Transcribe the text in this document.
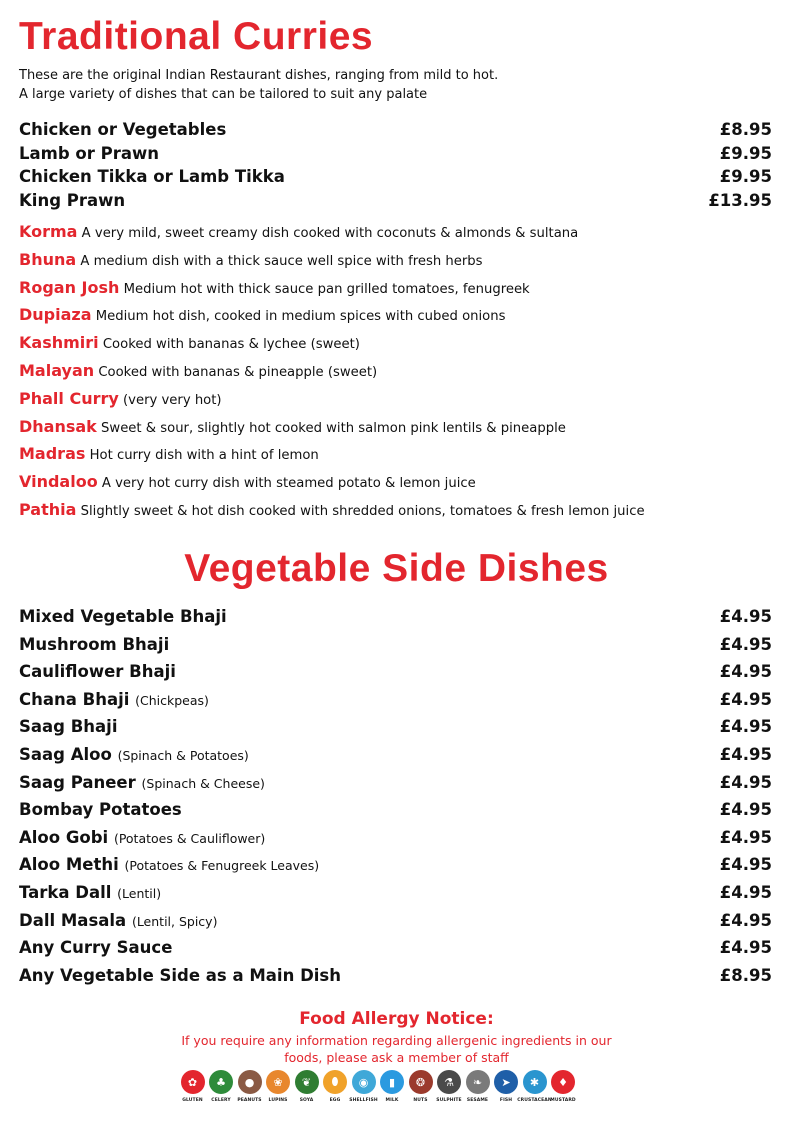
Traditional Curries
These are the original Indian Restaurant dishes, ranging from mild to hot.
A large variety of dishes that can be tailored to suit any palate
Chicken or Vegetables	£8.95
Lamb or Prawn	£9.95
Chicken Tikka or Lamb Tikka	£9.95
King Prawn	£13.95
Korma A very mild, sweet creamy dish cooked with coconuts & almonds & sultana
Bhuna A medium dish with a thick sauce well spice with fresh herbs
Rogan Josh Medium hot with thick sauce pan grilled tomatoes, fenugreek
Dupiaza Medium hot dish, cooked in medium spices with cubed onions
Kashmiri Cooked with bananas & lychee (sweet)
Malayan Cooked with bananas & pineapple (sweet)
Phall Curry (very very hot)
Dhansak Sweet & sour, slightly hot cooked with salmon pink lentils & pineapple
Madras Hot curry dish with a hint of lemon
Vindaloo A very hot curry dish with steamed potato & lemon juice
Pathia Slightly sweet & hot dish cooked with shredded onions, tomatoes & fresh lemon juice
Vegetable Side Dishes
Mixed Vegetable Bhaji	£4.95
Mushroom Bhaji	£4.95
Cauliflower Bhaji	£4.95
Chana Bhaji (Chickpeas)	£4.95
Saag Bhaji	£4.95
Saag Aloo (Spinach & Potatoes)	£4.95
Saag Paneer (Spinach & Cheese)	£4.95
Bombay Potatoes	£4.95
Aloo Gobi (Potatoes & Cauliflower)	£4.95
Aloo Methi (Potatoes & Fenugreek Leaves)	£4.95
Tarka Dall (Lentil)	£4.95
Dall Masala (Lentil, Spicy)	£4.95
Any Curry Sauce	£4.95
Any Vegetable Side as a Main Dish	£8.95
Food Allergy Notice:
If you require any information regarding allergenic ingredients in our foods, please ask a member of staff
✿
GLUTEN
♣
CELERY
●
PEANUTS
❀
LUPINS
❦
SOYA
⬮
EGG
◉
SHELLFISH
▮
MILK
❂
NUTS
⚗
SULPHITE
❧
SESAME
➤
FISH
✱
CRUSTACEAN
♦
MUSTARD
